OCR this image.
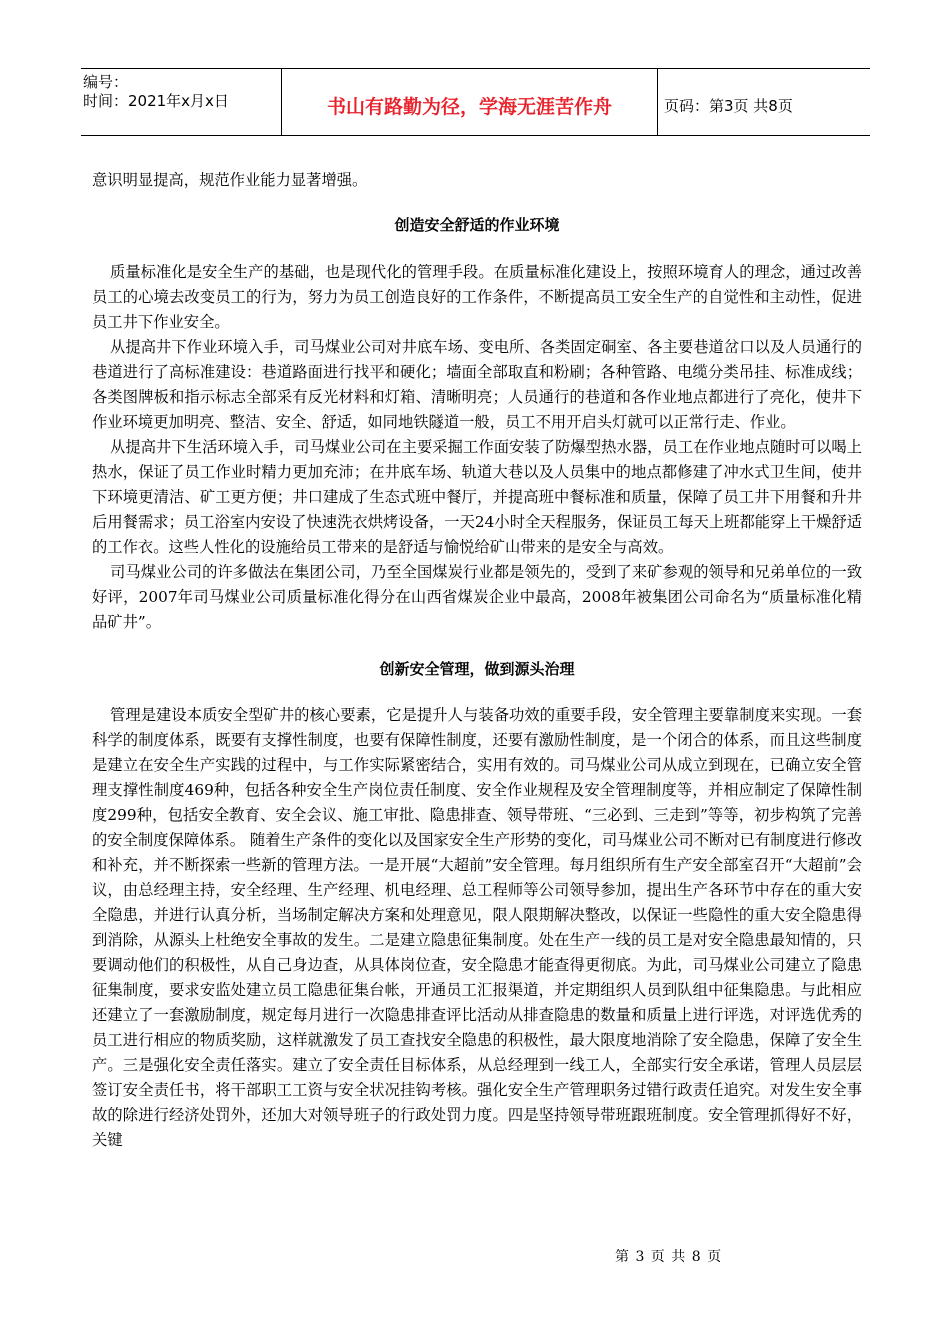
编号：
时间：2021年x月x日	书山有路勤为径，学海无涯苦作舟	页码：第3页 共8页

意识明显提高，规范作业能力显著增强。

创造安全舒适的作业环境

质量标准化是安全生产的基础，也是现代化的管理手段。在质量标准化建设上，按照环境育人的理念，通过改善员工的心境去改变员工的行为，努力为员工创造良好的工作条件，不断提高员工安全生产的自觉性和主动性，促进员工井下作业安全。

从提高井下作业环境入手，司马煤业公司对井底车场、变电所、各类固定硐室、各主要巷道岔口以及人员通行的巷道进行了高标准建设：巷道路面进行找平和硬化；墙面全部取直和粉刷；各种管路、电缆分类吊挂、标准成线；各类图牌板和指示标志全部采有反光材料和灯箱、清晰明亮；人员通行的巷道和各作业地点都进行了亮化，使井下作业环境更加明亮、整洁、安全、舒适，如同地铁隧道一般，员工不用开启头灯就可以正常行走、作业。

从提高井下生活环境入手，司马煤业公司在主要采掘工作面安装了防爆型热水器，员工在作业地点随时可以喝上热水，保证了员工作业时精力更加充沛；在井底车场、轨道大巷以及人员集中的地点都修建了冲水式卫生间，使井下环境更清洁、矿工更方便；井口建成了生态式班中餐厅，并提高班中餐标准和质量，保障了员工井下用餐和升井后用餐需求；员工浴室内安设了快速洗衣烘烤设备，一天24小时全天程服务，保证员工每天上班都能穿上干燥舒适的工作衣。这些人性化的设施给员工带来的是舒适与愉悦给矿山带来的是安全与高效。

司马煤业公司的许多做法在集团公司，乃至全国煤炭行业都是领先的，受到了来矿参观的领导和兄弟单位的一致好评，2007年司马煤业公司质量标准化得分在山西省煤炭企业中最高，2008年被集团公司命名为“质量标准化精品矿井”。

创新安全管理，做到源头治理

管理是建设本质安全型矿井的核心要素，它是提升人与装备功效的重要手段，安全管理主要靠制度来实现。一套科学的制度体系，既要有支撑性制度，也要有保障性制度，还要有激励性制度，是一个闭合的体系，而且这些制度是建立在安全生产实践的过程中，与工作实际紧密结合，实用有效的。司马煤业公司从成立到现在，已确立安全管理支撑性制度469种，包括各种安全生产岗位责任制度、安全作业规程及安全管理制度等，并相应制定了保障性制度299种，包括安全教育、安全会议、施工审批、隐患排查、领导带班、“三必到、三走到”等等，初步构筑了完善的安全制度保障体系。 随着生产条件的变化以及国家安全生产形势的变化，司马煤业公司不断对已有制度进行修改和补充，并不断探索一些新的管理方法。一是开展“大超前”安全管理。每月组织所有生产安全部室召开“大超前”会议，由总经理主持，安全经理、生产经理、机电经理、总工程师等公司领导参加，提出生产各环节中存在的重大安全隐患，并进行认真分析，当场制定解决方案和处理意见，限人限期解决整改，以保证一些隐性的重大安全隐患得到消除，从源头上杜绝安全事故的发生。二是建立隐患征集制度。处在生产一线的员工是对安全隐患最知情的，只要调动他们的积极性，从自己身边查，从具体岗位查，安全隐患才能查得更彻底。为此，司马煤业公司建立了隐患征集制度，要求安监处建立员工隐患征集台帐，开通员工汇报渠道，并定期组织人员到队组中征集隐患。与此相应还建立了一套激励制度，规定每月进行一次隐患排查评比活动从排查隐患的数量和质量上进行评选，对评选优秀的员工进行相应的物质奖励，这样就激发了员工查找安全隐患的积极性，最大限度地消除了安全隐患，保障了安全生产。三是强化安全责任落实。建立了安全责任目标体系，从总经理到一线工人，全部实行安全承诺，管理人员层层签订安全责任书，将干部职工工资与安全状况挂钩考核。强化安全生产管理职务过错行政责任追究。对发生安全事故的除进行经济处罚外，还加大对领导班子的行政处罚力度。四是坚持领导带班跟班制度。安全管理抓得好不好，关键

第 3 页 共 8 页
